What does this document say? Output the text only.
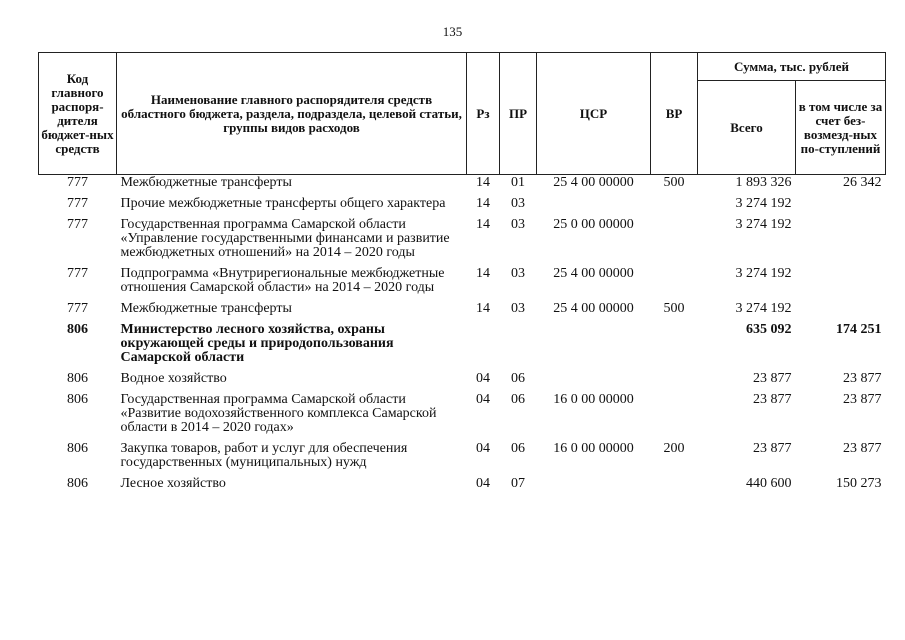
135
Код главного распоря-дителя бюджет-ных средств	Наименование главного распорядителя средств областного бюджета, раздела, подраздела, целевой статьи, группы видов расходов	Рз	ПР	ЦСР	ВР	Сумма, тыс. рублей	
						Всего	в том числе за счет без-возмезд-ных по-ступлений
777	Межбюджетные трансферты	14	01	25 4 00 00000	500	1 893 326	26 342
777	Прочие межбюджетные трансферты общего характера	14	03			3 274 192	
777	Государственная программа Самарской области «Управление государственными финансами и развитие межбюджетных отношений» на 2014 – 2020 годы	14	03	25 0 00 00000		3 274 192	
777	Подпрограмма «Внутрирегиональные межбюджетные отношения Самарской области» на 2014 – 2020 годы	14	03	25 4 00 00000		3 274 192	
777	Межбюджетные трансферты	14	03	25 4 00 00000	500	3 274 192	
806	Министерство лесного хозяйства, охраны окружающей среды и природопользования Самарской области					635 092	174 251
806	Водное хозяйство	04	06			23 877	23 877
806	Государственная программа Самарской области «Развитие водохозяйственного комплекса Самарской области в 2014 – 2020 годах»	04	06	16 0 00 00000		23 877	23 877
806	Закупка товаров, работ и услуг для обеспечения государственных (муниципальных) нужд	04	06	16 0 00 00000	200	23 877	23 877
806	Лесное хозяйство	04	07			440 600	150 273
